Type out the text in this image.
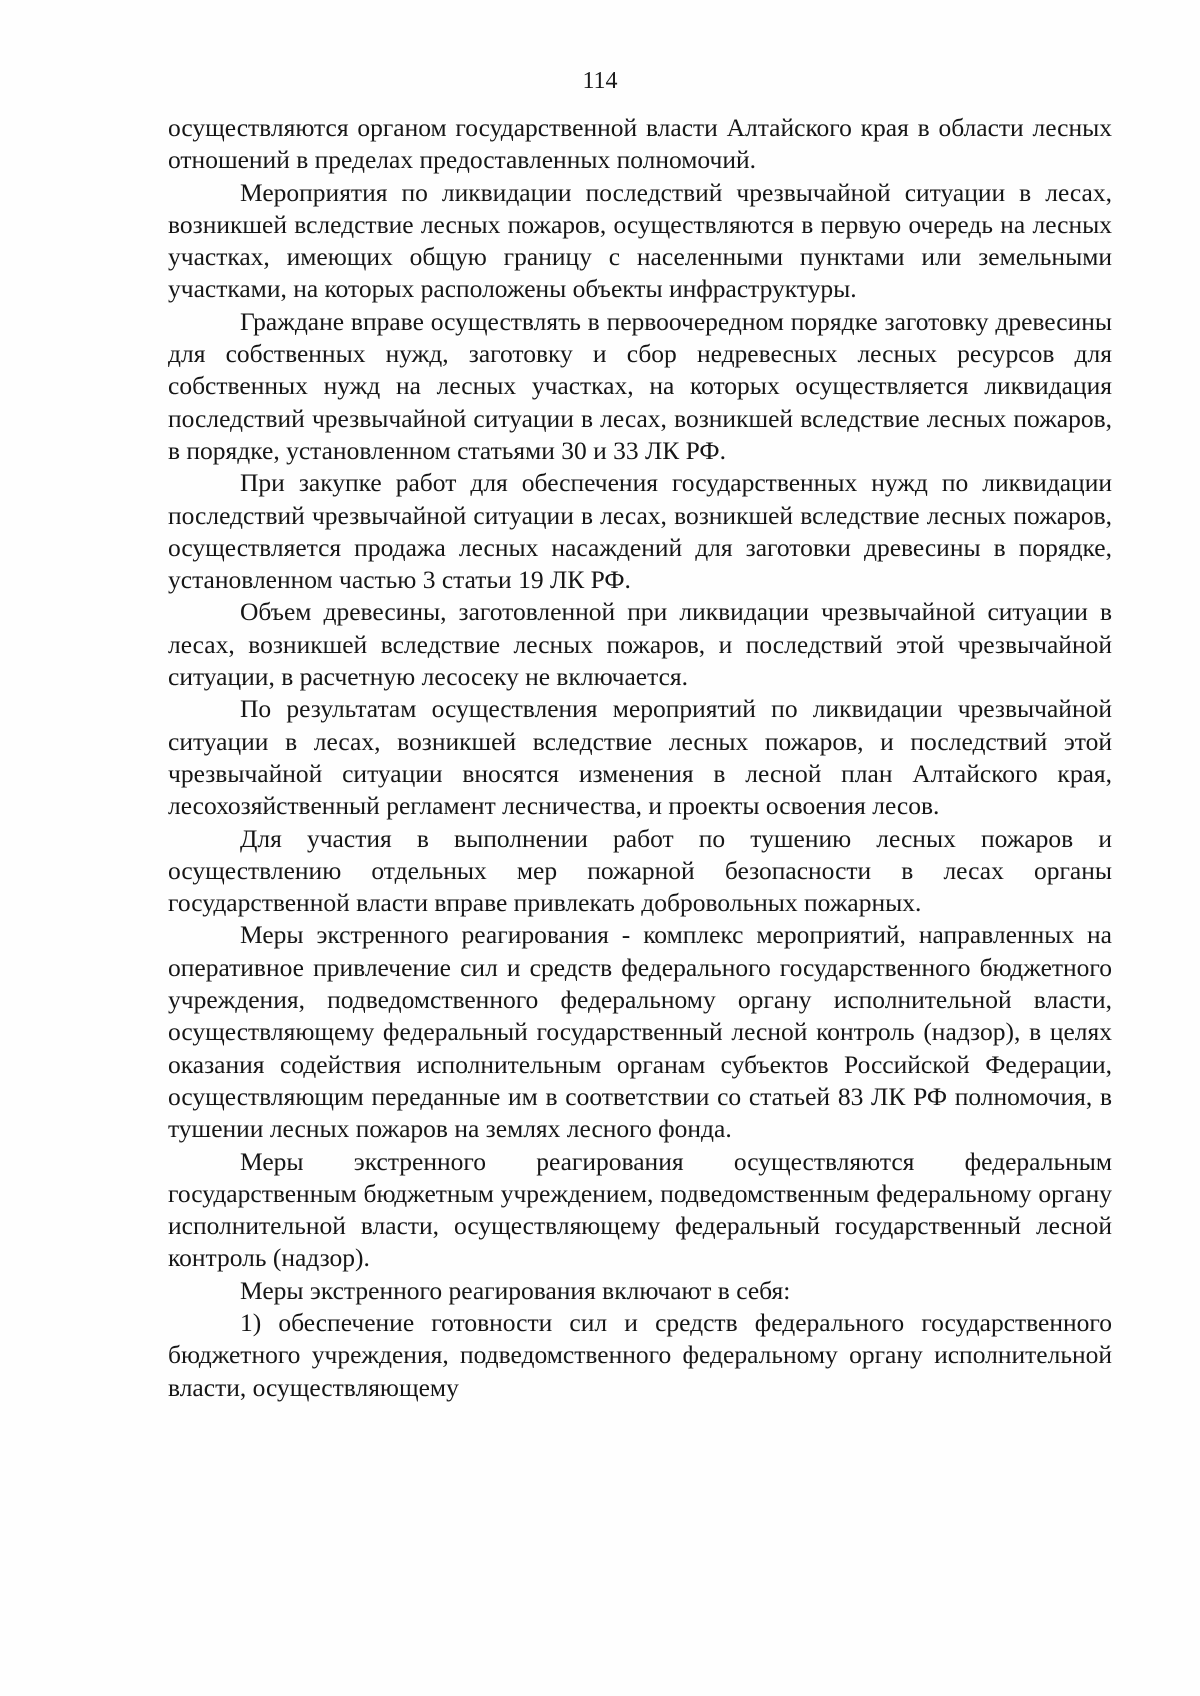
114

осуществляются органом государственной власти Алтайского края в области лесных отношений в пределах предоставленных полномочий.

Мероприятия по ликвидации последствий чрезвычайной ситуации в лесах, возникшей вследствие лесных пожаров, осуществляются в первую очередь на лесных участках, имеющих общую границу с населенными пунктами или земельными участками, на которых расположены объекты инфраструктуры.

Граждане вправе осуществлять в первоочередном порядке заготовку древесины для собственных нужд, заготовку и сбор недревесных лесных ресурсов для собственных нужд на лесных участках, на которых осуществляется ликвидация последствий чрезвычайной ситуации в лесах, возникшей вследствие лесных пожаров, в порядке, установленном статьями 30 и 33 ЛК РФ.

При закупке работ для обеспечения государственных нужд по ликвидации последствий чрезвычайной ситуации в лесах, возникшей вследствие лесных пожаров, осуществляется продажа лесных насаждений для заготовки древесины в порядке, установленном частью 3 статьи 19 ЛК РФ.

Объем древесины, заготовленной при ликвидации чрезвычайной ситуации в лесах, возникшей вследствие лесных пожаров, и последствий этой чрезвычайной ситуации, в расчетную лесосеку не включается.

По результатам осуществления мероприятий по ликвидации чрезвычайной ситуации в лесах, возникшей вследствие лесных пожаров, и последствий этой чрезвычайной ситуации вносятся изменения в лесной план Алтайского края, лесохозяйственный регламент лесничества, и проекты освоения лесов.

Для участия в выполнении работ по тушению лесных пожаров и осуществлению отдельных мер пожарной безопасности в лесах органы государственной власти вправе привлекать добровольных пожарных.

Меры экстренного реагирования - комплекс мероприятий, направленных на оперативное привлечение сил и средств федерального государственного бюджетного учреждения, подведомственного федеральному органу исполнительной власти, осуществляющему федеральный государственный лесной контроль (надзор), в целях оказания содействия исполнительным органам субъектов Российской Федерации, осуществляющим переданные им в соответствии со статьей 83 ЛК РФ полномочия, в тушении лесных пожаров на землях лесного фонда.

Меры экстренного реагирования осуществляются федеральным государственным бюджетным учреждением, подведомственным федеральному органу исполнительной власти, осуществляющему федеральный государственный лесной контроль (надзор).

Меры экстренного реагирования включают в себя:

1) обеспечение готовности сил и средств федерального государственного бюджетного учреждения, подведомственного федеральному органу исполнительной власти, осуществляющему
